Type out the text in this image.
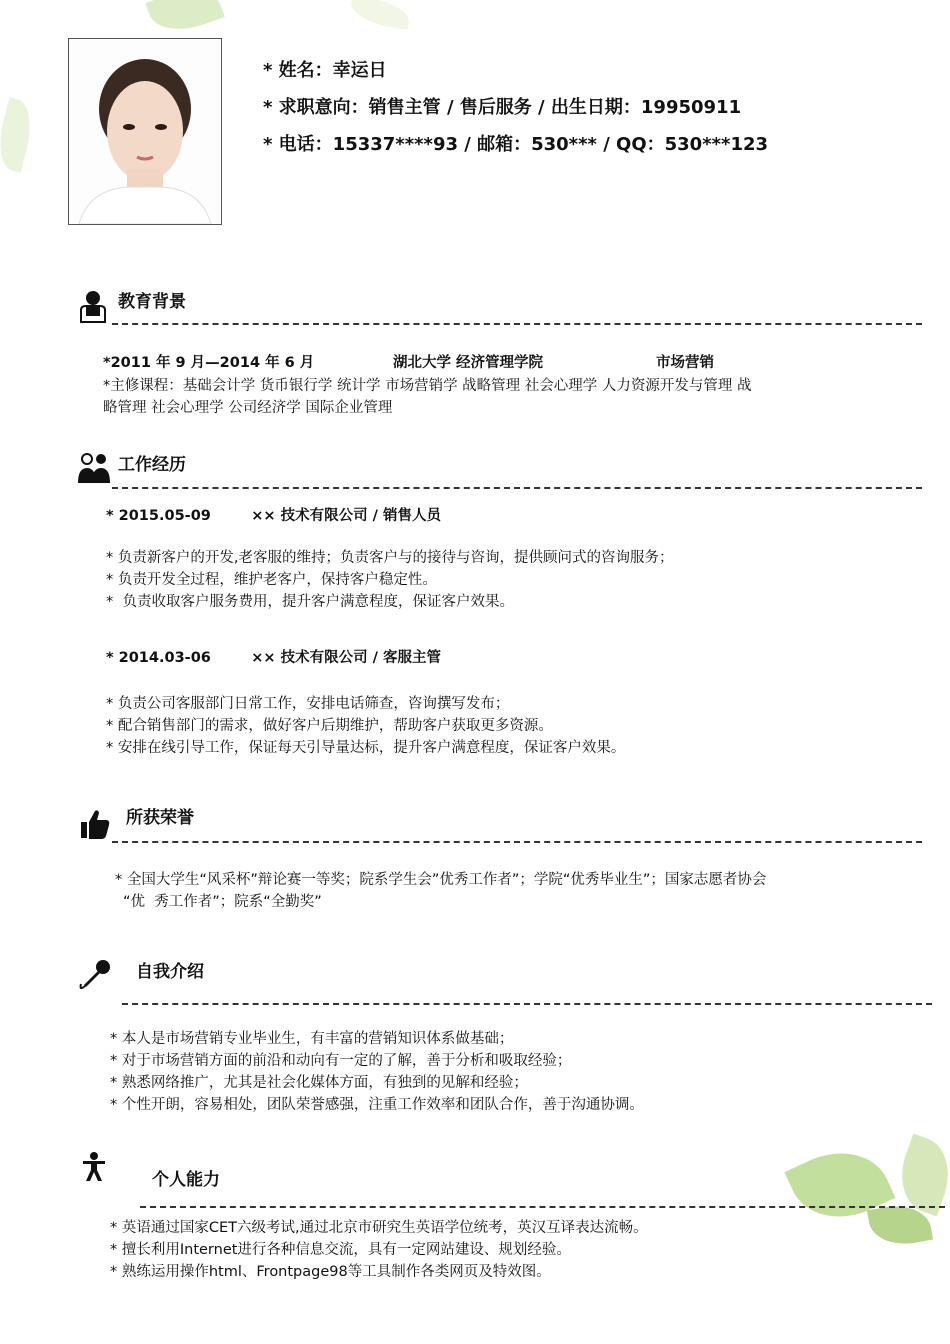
* 姓名：幸运日
* 求职意向：销售主管 / 售后服务 / 出生日期：19950911
* 电话：15337****93 / 邮箱：530*** / QQ：530***123
教育背景
*2011 年 9 月—2014 年 6 月	湖北大学 经济管理学院	市场营销
*主修课程：基础会计学 货币银行学 统计学 市场营销学 战略管理 社会心理学 人力资源开发与管理 战
略管理 社会心理学 公司经济学 国际企业管理
工作经历
* 2015.05-09        ×× 技术有限公司 / 销售人员
* 负责新客户的开发,老客服的维持；负责客户与的接待与咨询，提供顾问式的咨询服务；
* 负责开发全过程，维护老客户，保持客户稳定性。
*  负责收取客户服务费用，提升客户满意程度，保证客户效果。
* 2014.03-06        ×× 技术有限公司 / 客服主管
* 负责公司客服部门日常工作，安排电话筛查，咨询撰写发布；
* 配合销售部门的需求，做好客户后期维护，帮助客户获取更多资源。
* 安排在线引导工作，保证每天引导量达标，提升客户满意程度，保证客户效果。
所获荣誉
* 全国大学生“风采杯”辩论赛一等奖；院系学生会”优秀工作者”；学院“优秀毕业生”；国家志愿者协会
“优  秀工作者”；院系“全勤奖”
自我介绍
* 本人是市场营销专业毕业生，有丰富的营销知识体系做基础；
* 对于市场营销方面的前沿和动向有一定的了解，善于分析和吸取经验；
* 熟悉网络推广，尤其是社会化媒体方面，有独到的见解和经验；
* 个性开朗，容易相处，团队荣誉感强，注重工作效率和团队合作，善于沟通协调。
个人能力
* 英语通过国家CET六级考试,通过北京市研究生英语学位统考，英汉互译表达流畅。
* 擅长利用Internet进行各种信息交流，具有一定网站建设、规划经验。
* 熟练运用操作html、Frontpage98等工具制作各类网页及特效图。
